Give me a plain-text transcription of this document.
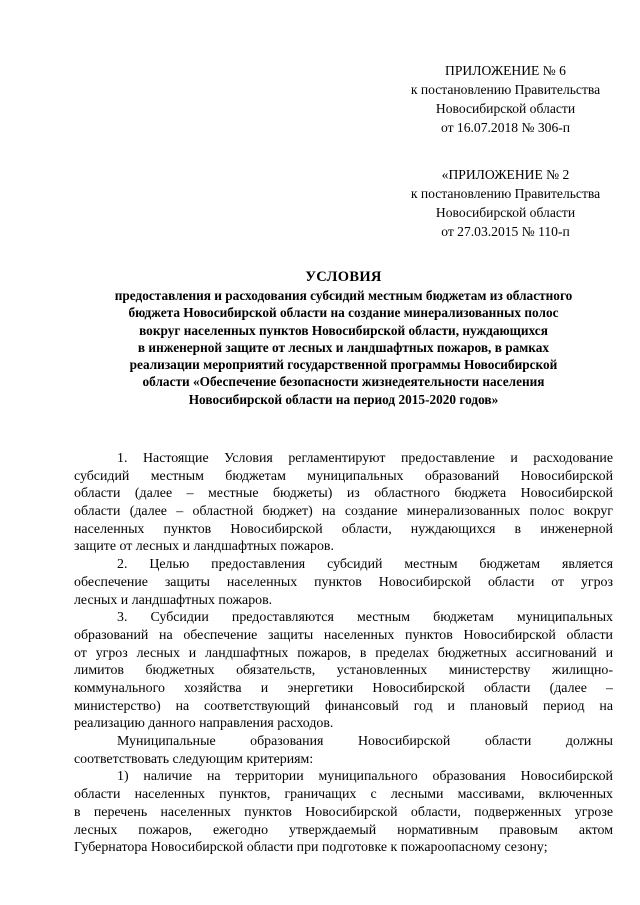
ПРИЛОЖЕНИЕ № 6
к постановлению Правительства
Новосибирской области
от 16.07.2018 № 306-п
«ПРИЛОЖЕНИЕ № 2
к постановлению Правительства
Новосибирской области
от 27.03.2015 № 110-п
УСЛОВИЯ
предоставления и расходования субсидий местным бюджетам из областного
бюджета Новосибирской области на создание минерализованных полос
вокруг населенных пунктов Новосибирской области, нуждающихся
в инженерной защите от лесных и ландшафтных пожаров, в рамках
реализации мероприятий государственной программы Новосибирской
области «Обеспечение безопасности жизнедеятельности населения
Новосибирской области на период 2015-2020 годов»
1. Настоящие Условия регламентируют предоставление и расходование
субсидий местным бюджетам муниципальных образований Новосибирской
области (далее – местные бюджеты) из областного бюджета Новосибирской
области (далее – областной бюджет) на создание минерализованных полос вокруг
населенных пунктов Новосибирской области, нуждающихся в инженерной
защите от лесных и ландшафтных пожаров.
2. Целью предоставления субсидий местным бюджетам является
обеспечение защиты населенных пунктов Новосибирской области от угроз
лесных и ландшафтных пожаров.
3. Субсидии предоставляются местным бюджетам муниципальных
образований на обеспечение защиты населенных пунктов Новосибирской области
от угроз лесных и ландшафтных пожаров, в пределах бюджетных ассигнований и
лимитов бюджетных обязательств, установленных министерству жилищно-
коммунального хозяйства и энергетики Новосибирской области (далее –
министерство) на соответствующий финансовый год и плановый период на
реализацию данного направления расходов.
Муниципальные образования Новосибирской области должны
соответствовать следующим критериям:
1) наличие на территории муниципального образования Новосибирской
области населенных пунктов, граничащих с лесными массивами, включенных
в перечень населенных пунктов Новосибирской области, подверженных угрозе
лесных пожаров, ежегодно утверждаемый нормативным правовым актом
Губернатора Новосибирской области при подготовке к пожароопасному сезону;
